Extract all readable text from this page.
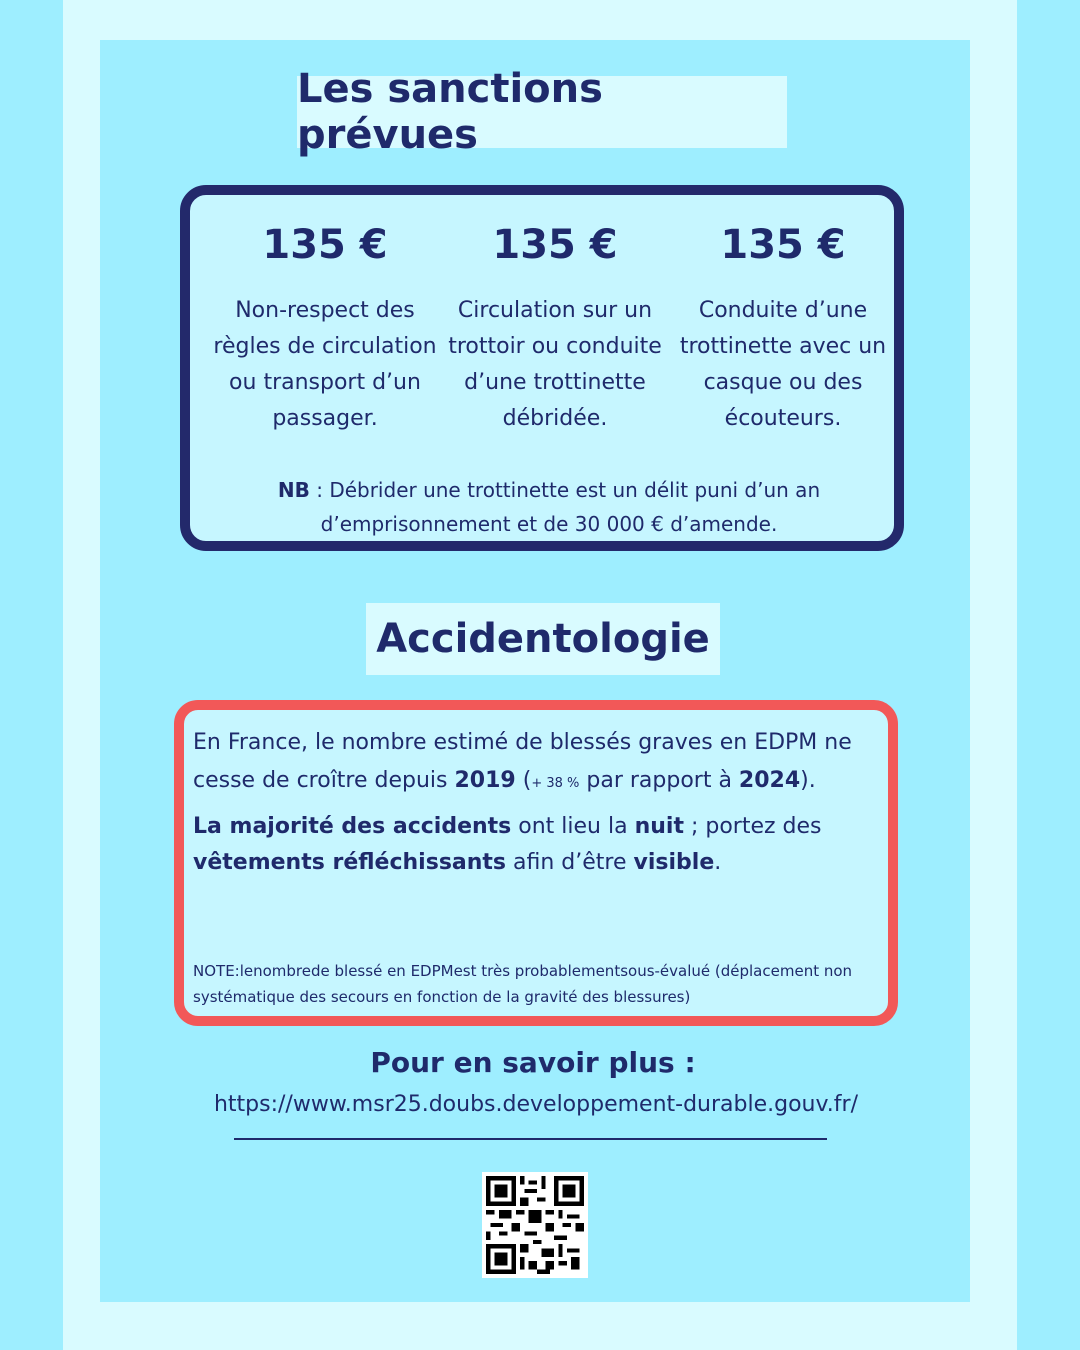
Les sanctions prévues
135 €
Non-respect des règles de circulation ou transport d’un passager.
135 €
Circulation sur un trottoir ou conduite d’une trottinette débridée.
135 €
Conduite d’une trottinette avec un casque ou des écouteurs.
NB : Débrider une trottinette est un délit puni d’un an d’emprisonnement et de 30 000 € d’amende.
Accidentologie
En France, le nombre estimé de blessés graves en EDPM ne cesse de croître depuis 2019 (+ 38 % par rapport à 2024).
La majorité des accidents ont lieu la nuit ; portez des vêtements réfléchissants afin d’être visible.
NOTE:lenombrede blessé en EDPMest très probablementsous-évalué (déplacement non systématique des secours en fonction de la gravité des blessures)
Pour en savoir plus :
https://www.msr25.doubs.developpement-durable.gouv.fr/
